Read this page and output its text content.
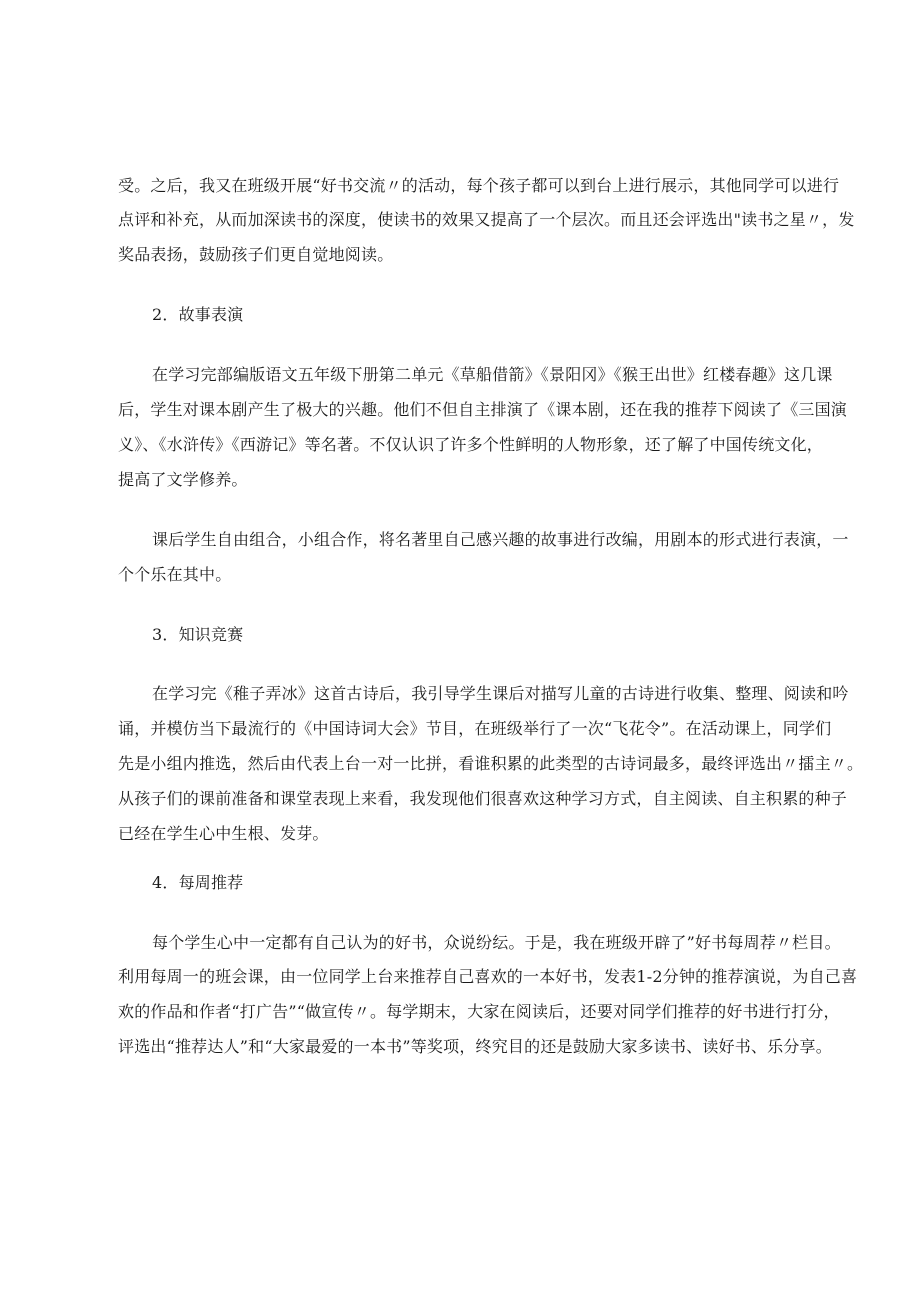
受。之后，我又在班级开展“好书交流〃的活动，每个孩子都可以到台上进行展示，其他同学可以进行

点评和补充，从而加深读书的深度，使读书的效果又提高了一个层次。而且还会评选出"读书之星〃，发

奖品表扬，鼓励孩子们更自觉地阅读。

2．故事表演

在学习完部编版语文五年级下册第二单元《草船借箭》《景阳冈》《猴王出世》红楼春趣》这几课

后，学生对课本剧产生了极大的兴趣。他们不但自主排演了《课本剧，还在我的推荐下阅读了《三国演

义》、《水浒传》《西游记》等名著。不仅认识了许多个性鲜明的人物形象，还了解了中国传统文化，

提高了文学修养。

课后学生自由组合，小组合作，将名著里自己感兴趣的故事进行改编，用剧本的形式进行表演，一

个个乐在其中。

3．知识竞赛

在学习完《稚子弄冰》这首古诗后，我引导学生课后对描写儿童的古诗进行收集、整理、阅读和吟

诵，并模仿当下最流行的《中国诗词大会》节目，在班级举行了一次“飞花令”。在活动课上，同学们

先是小组内推选，然后由代表上台一对一比拼，看谁积累的此类型的古诗词最多，最终评选出〃擂主〃。

从孩子们的课前准备和课堂表现上来看，我发现他们很喜欢这种学习方式，自主阅读、自主积累的种子

已经在学生心中生根、发芽。

4．每周推荐

每个学生心中一定都有自己认为的好书，众说纷纭。于是，我在班级开辟了”好书每周荐〃栏目。

利用每周一的班会课，由一位同学上台来推荐自己喜欢的一本好书，发表1-2分钟的推荐演说，为自己喜

欢的作品和作者“打广告”“做宣传〃。每学期末，大家在阅读后，还要对同学们推荐的好书进行打分，

评选出“推荐达人”和“大家最爱的一本书”等奖项，终究目的还是鼓励大家多读书、读好书、乐分享。
